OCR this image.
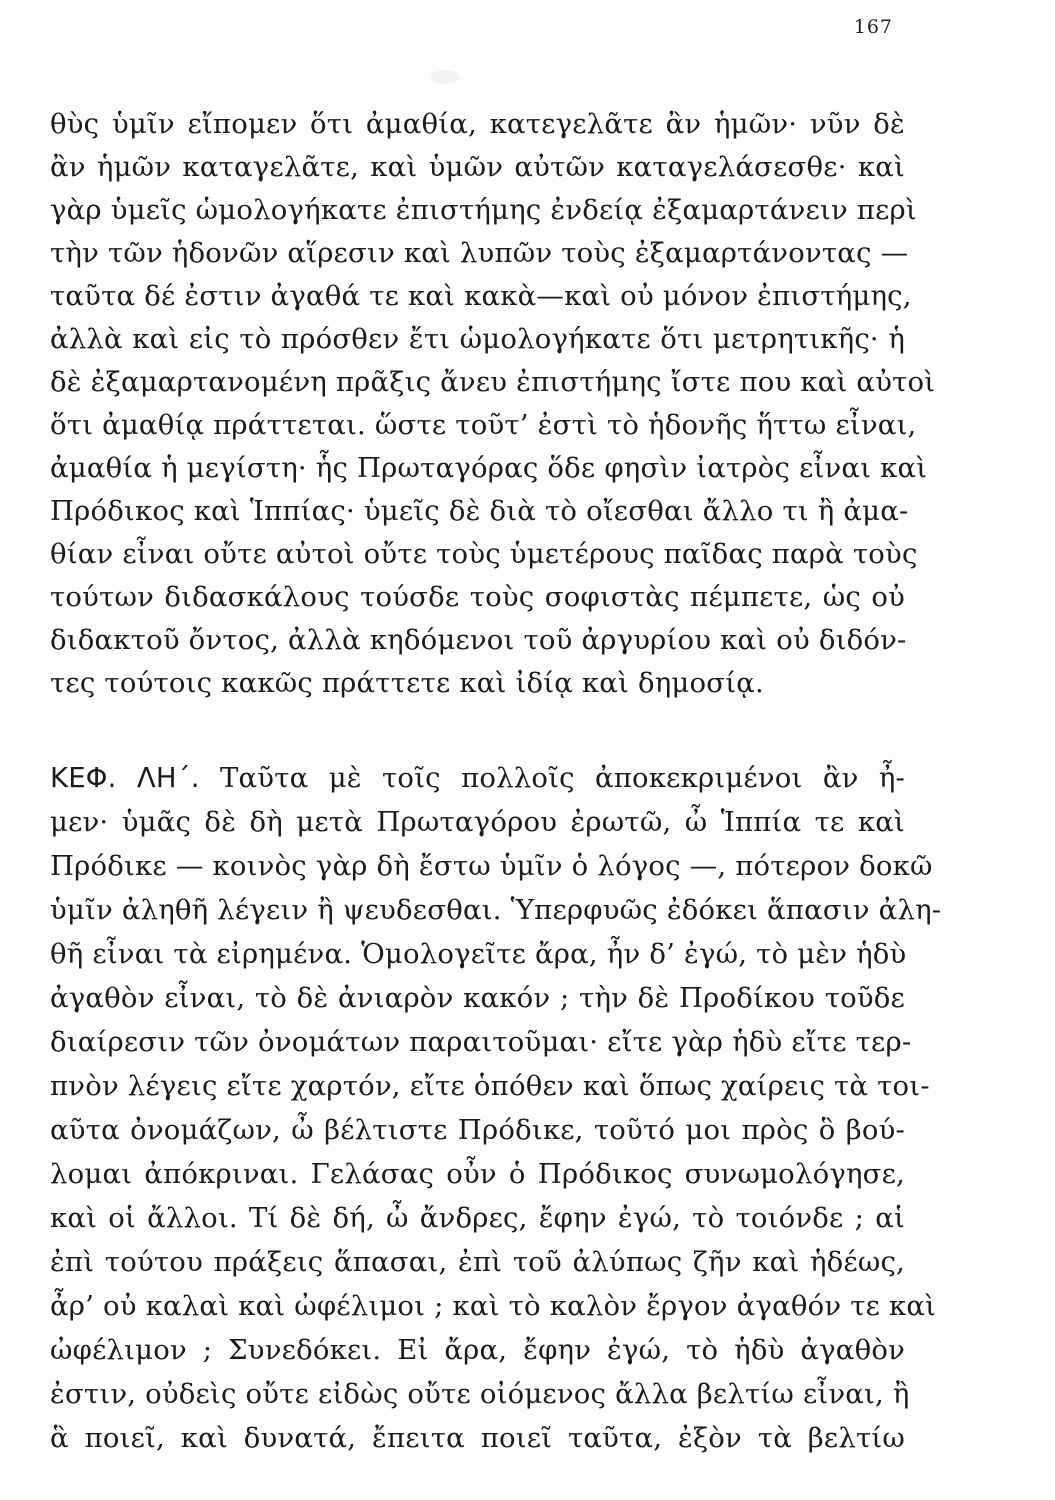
167
θὺς ὑμῖν εἴπομεν ὅτι ἀμαθία, κατεγελᾶτε ἂν ἡμῶν· νῦν δὲ
ἂν ἡμῶν καταγελᾶτε, καὶ ὑμῶν αὐτῶν καταγελάσεσθε· καὶ
γὰρ ὑμεῖς ὡμολογήκατε ἐπιστήμης ἐνδείᾳ ἐξαμαρτάνειν περὶ
τὴν τῶν ἡδονῶν αἵρεσιν καὶ λυπῶν τοὺς ἐξαμαρτάνοντας —
ταῦτα δέ ἐστιν ἀγαθά τε καὶ κακὰ—καὶ οὐ μόνον ἐπιστήμης,
ἀλλὰ καὶ εἰς τὸ πρόσθεν ἔτι ὡμολογήκατε ὅτι μετρητικῆς· ἡ
δὲ ἐξαμαρτανομένη πρᾶξις ἄνευ ἐπιστήμης ἴστε που καὶ αὐτοὶ
ὅτι ἀμαθίᾳ πράττεται. ὥστε τοῦτ’ ἐστὶ τὸ ἡδονῆς ἥττω εἶναι,
ἀμαθία ἡ μεγίστη· ἧς Πρωταγόρας ὅδε φησὶν ἰατρὸς εἶναι καὶ
Πρόδικος καὶ Ἱππίας· ὑμεῖς δὲ διὰ τὸ οἴεσθαι ἄλλο τι ἢ ἀμα-
θίαν εἶναι οὔτε αὐτοὶ οὔτε τοὺς ὑμετέρους παῖδας παρὰ τοὺς
τούτων διδασκάλους τούσδε τοὺς σοφιστὰς πέμπετε, ὡς οὐ
διδακτοῦ ὄντος, ἀλλὰ κηδόμενοι τοῦ ἀργυρίου καὶ οὐ διδόν-
τες τούτοις κακῶς πράττετε καὶ ἰδίᾳ καὶ δημοσίᾳ.
ΚΕΦ. ΛΗ΄. Ταῦτα μὲ τοῖς πολλοῖς ἀποκεκριμένοι ἂν ἦ-
μεν· ὑμᾶς δὲ δὴ μετὰ Πρωταγόρου ἐρωτῶ, ὦ Ἱππία τε καὶ
Πρόδικε — κοινὸς γὰρ δὴ ἔστω ὑμῖν ὁ λόγος —, πότερον δοκῶ
ὑμῖν ἀληθῆ λέγειν ἢ ψευδεσθαι. Ὑπερφυῶς ἐδόκει ἅπασιν ἀλη-
θῆ εἶναι τὰ εἰρημένα. Ὁμολογεῖτε ἄρα, ἦν δ’ ἐγώ, τὸ μὲν ἡδὺ
ἀγαθὸν εἶναι, τὸ δὲ ἀνιαρὸν κακόν ; τὴν δὲ Προδίκου τοῦδε
διαίρεσιν τῶν ὀνομάτων παραιτοῦμαι· εἴτε γὰρ ἡδὺ εἴτε τερ-
πνὸν λέγεις εἴτε χαρτόν, εἴτε ὁπόθεν καὶ ὅπως χαίρεις τὰ τοι-
αῦτα ὀνομάζων, ὦ βέλτιστε Πρόδικε, τοῦτό μοι πρὸς ὃ βού-
λομαι ἀπόκριναι. Γελάσας οὖν ὁ Πρόδικος συνωμολόγησε,
καὶ οἱ ἄλλοι. Τί δὲ δή, ὦ ἄνδρες, ἔφην ἐγώ, τὸ τοιόνδε ; αἱ
ἐπὶ τούτου πράξεις ἅπασαι, ἐπὶ τοῦ ἀλύπως ζῆν καὶ ἡδέως,
ἆρ’ οὐ καλαὶ καὶ ὠφέλιμοι ; καὶ τὸ καλὸν ἔργον ἀγαθόν τε καὶ
ὠφέλιμον ; Συνεδόκει. Εἰ ἄρα, ἔφην ἐγώ, τὸ ἡδὺ ἀγαθὸν
ἐστιν, οὐδεὶς οὔτε εἰδὼς οὔτε οἰόμενος ἄλλα βελτίω εἶναι, ἢ
ἃ ποιεῖ, καὶ δυνατά, ἔπειτα ποιεῖ ταῦτα, ἐξὸν τὰ βελτίω
